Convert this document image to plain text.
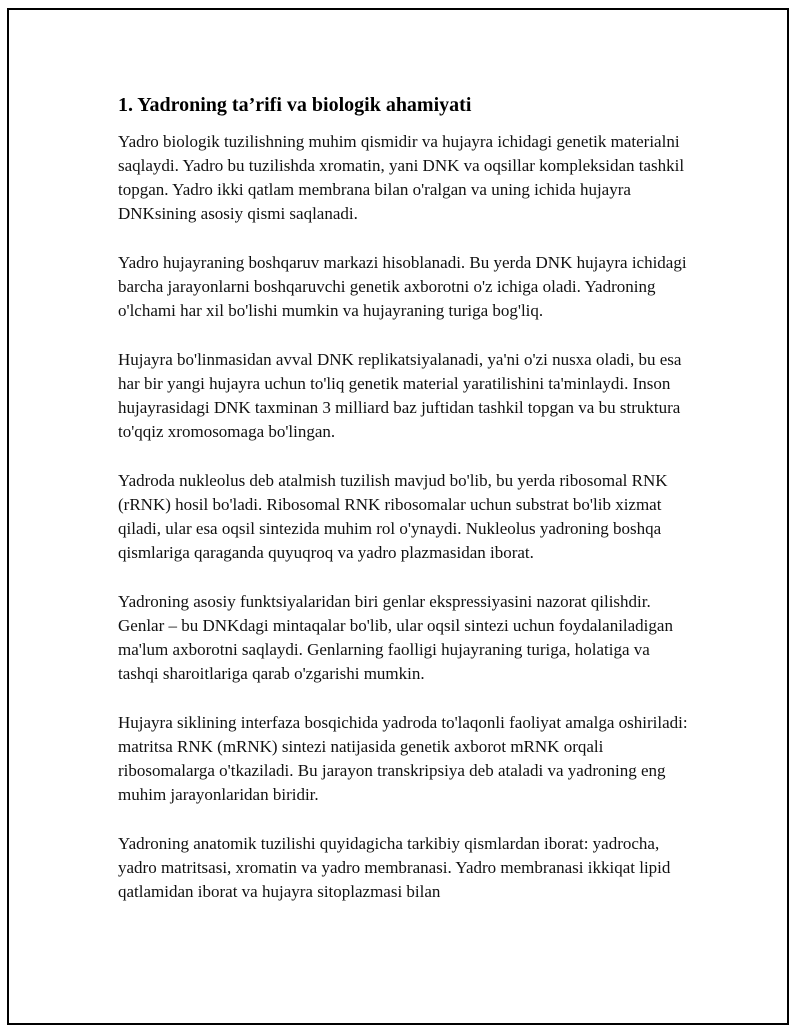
1. Yadroning ta’rifi va biologik ahamiyati

Yadro biologik tuzilishning muhim qismidir va hujayra ichidagi genetik materialni saqlaydi. Yadro bu tuzilishda xromatin, yani DNK va oqsillar kompleksidan tashkil topgan. Yadro ikki qatlam membrana bilan o'ralgan va uning ichida hujayra DNKsining asosiy qismi saqlanadi.

Yadro hujayraning boshqaruv markazi hisoblanadi. Bu yerda DNK hujayra ichidagi barcha jarayonlarni boshqaruvchi genetik axborotni o'z ichiga oladi. Yadroning o'lchami har xil bo'lishi mumkin va hujayraning turiga bog'liq.

Hujayra bo'linmasidan avval DNK replikatsiyalanadi, ya'ni o'zi nusxa oladi, bu esa har bir yangi hujayra uchun to'liq genetik material yaratilishini ta'minlaydi. Inson hujayrasidagi DNK taxminan 3 milliard baz juftidan tashkil topgan va bu struktura to'qqiz xromosomaga bo'lingan.

Yadroda nukleolus deb atalmish tuzilish mavjud bo'lib, bu yerda ribosomal RNK (rRNK) hosil bo'ladi. Ribosomal RNK ribosomalar uchun substrat bo'lib xizmat qiladi, ular esa oqsil sintezida muhim rol o'ynaydi. Nukleolus yadroning boshqa qismlariga qaraganda quyuqroq va yadro plazmasidan iborat.

Yadroning asosiy funktsiyalaridan biri genlar ekspressiyasini nazorat qilishdir. Genlar – bu DNKdagi mintaqalar bo'lib, ular oqsil sintezi uchun foydalaniladigan ma'lum axborotni saqlaydi. Genlarning faolligi hujayraning turiga, holatiga va tashqi sharoitlariga qarab o'zgarishi mumkin.

Hujayra siklining interfaza bosqichida yadroda to'laqonli faoliyat amalga oshiriladi: matritsa RNK (mRNK) sintezi natijasida genetik axborot mRNK orqali ribosomalarga o'tkaziladi. Bu jarayon transkripsiya deb ataladi va yadroning eng muhim jarayonlaridan biridir.

Yadroning anatomik tuzilishi quyidagicha tarkibiy qismlardan iborat: yadrocha, yadro matritsasi, xromatin va yadro membranasi. Yadro membranasi ikkiqat lipid qatlamidan iborat va hujayra sitoplazmasi bilan
